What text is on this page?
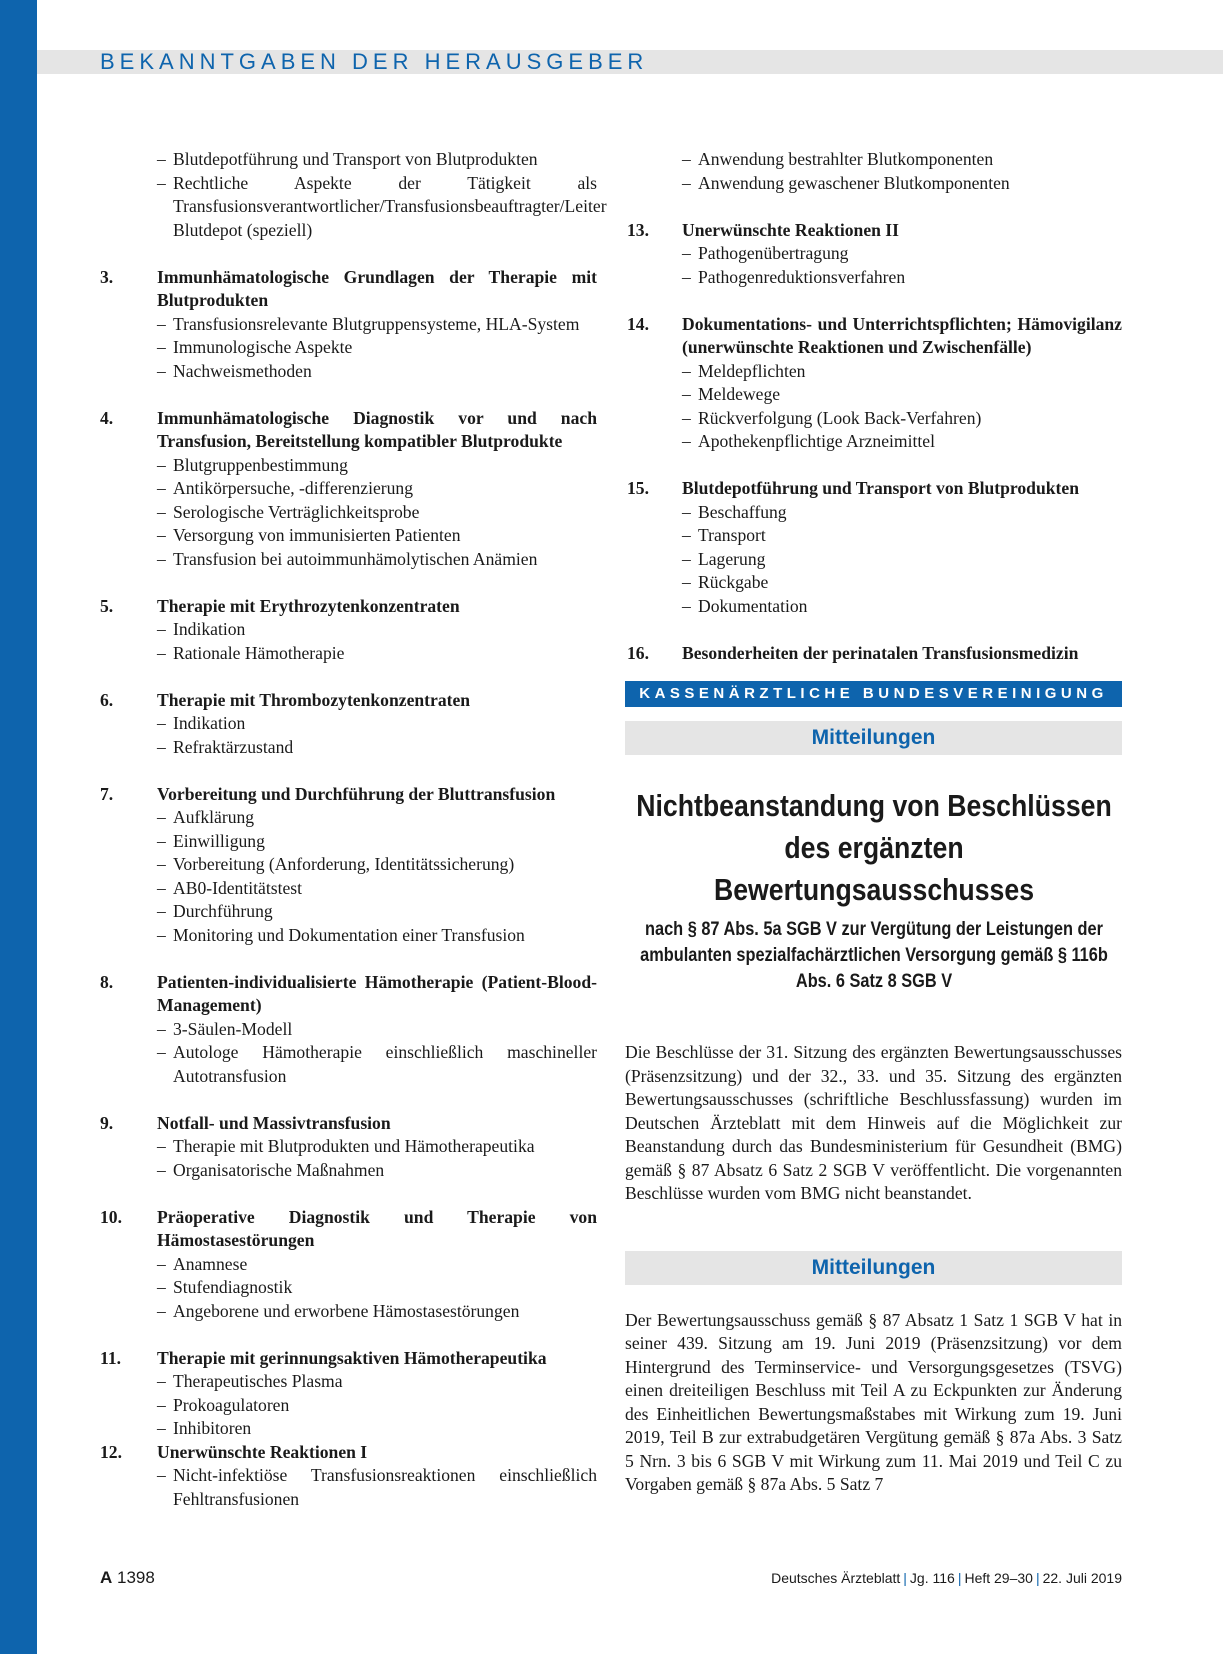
BEKANNTGABEN DER HERAUSGEBER
– Blutdepotführung und Transport von Blutprodukten
– Rechtliche Aspekte der Tätigkeit als Transfusionsverantwortlicher/Transfusionsbeauftragter/Leiter Blutdepot (speziell)
3. Immunhämatologische Grundlagen der Therapie mit Blutprodukten
– Transfusionsrelevante Blutgruppensysteme, HLA-System
– Immunologische Aspekte
– Nachweismethoden
4. Immunhämatologische Diagnostik vor und nach Transfusion, Bereitstellung kompatibler Blutprodukte
– Blutgruppenbestimmung
– Antikörpersuche, -differenzierung
– Serologische Verträglichkeitsprobe
– Versorgung von immunisierten Patienten
– Transfusion bei autoimmunhämolytischen Anämien
5. Therapie mit Erythrozytenkonzentraten
– Indikation
– Rationale Hämotherapie
6. Therapie mit Thrombozytenkonzentraten
– Indikation
– Refraktärzustand
7. Vorbereitung und Durchführung der Bluttransfusion
– Aufklärung
– Einwilligung
– Vorbereitung (Anforderung, Identitätssicherung)
– AB0-Identitätstest
– Durchführung
– Monitoring und Dokumentation einer Transfusion
8. Patienten-individualisierte Hämotherapie (Patient-Blood-Management)
– 3-Säulen-Modell
– Autologe Hämotherapie einschließlich maschineller Autotransfusion
9. Notfall- und Massivtransfusion
– Therapie mit Blutprodukten und Hämotherapeutika
– Organisatorische Maßnahmen
10. Präoperative Diagnostik und Therapie von Hämostasestörungen
– Anamnese
– Stufendiagnostik
– Angeborene und erworbene Hämostasestörungen
11. Therapie mit gerinnungsaktiven Hämotherapeutika
– Therapeutisches Plasma
– Prokoagulatoren
– Inhibitoren
12. Unerwünschte Reaktionen I
– Nicht-infektiöse Transfusionsreaktionen einschließlich Fehltransfusionen
– Anwendung bestrahlter Blutkomponenten
– Anwendung gewaschener Blutkomponenten
13. Unerwünschte Reaktionen II
– Pathogenübertragung
– Pathogenreduktionsverfahren
14. Dokumentations- und Unterrichtspflichten; Hämovigilanz (unerwünschte Reaktionen und Zwischenfälle)
– Meldepflichten
– Meldewege
– Rückverfolgung (Look Back-Verfahren)
– Apothekenpflichtige Arzneimittel
15. Blutdepotführung und Transport von Blutprodukten
– Beschaffung
– Transport
– Lagerung
– Rückgabe
– Dokumentation
16. Besonderheiten der perinatalen Transfusionsmedizin
KASSENÄRZTLICHE BUNDESVEREINIGUNG
Mitteilungen
Nichtbeanstandung von Beschlüssen des ergänzten Bewertungsausschusses
nach § 87 Abs. 5a SGB V zur Vergütung der Leistungen der ambulanten spezialfachärztlichen Versorgung gemäß § 116b Abs. 6 Satz 8 SGB V
Die Beschlüsse der 31. Sitzung des ergänzten Bewertungsausschusses (Präsenzsitzung) und der 32., 33. und 35. Sitzung des ergänzten Bewertungsausschusses (schriftliche Beschlussfassung) wurden im Deutschen Ärzteblatt mit dem Hinweis auf die Möglichkeit zur Beanstandung durch das Bundesministerium für Gesundheit (BMG) gemäß § 87 Absatz 6 Satz 2 SGB V veröffentlicht. Die vorgenannten Beschlüsse wurden vom BMG nicht beanstandet.
Mitteilungen
Der Bewertungsausschuss gemäß § 87 Absatz 1 Satz 1 SGB V hat in seiner 439. Sitzung am 19. Juni 2019 (Präsenzsitzung) vor dem Hintergrund des Terminservice- und Versorgungsgesetzes (TSVG) einen dreiteiligen Beschluss mit Teil A zu Eckpunkten zur Änderung des Einheitlichen Bewertungsmaßstabes mit Wirkung zum 19. Juni 2019, Teil B zur extrabudgetären Vergütung gemäß § 87a Abs. 3 Satz 5 Nrn. 3 bis 6 SGB V mit Wirkung zum 11. Mai 2019 und Teil C zu Vorgaben gemäß § 87a Abs. 5 Satz 7
A 1398	Deutsches Ärzteblatt | Jg. 116 | Heft 29–30 | 22. Juli 2019
